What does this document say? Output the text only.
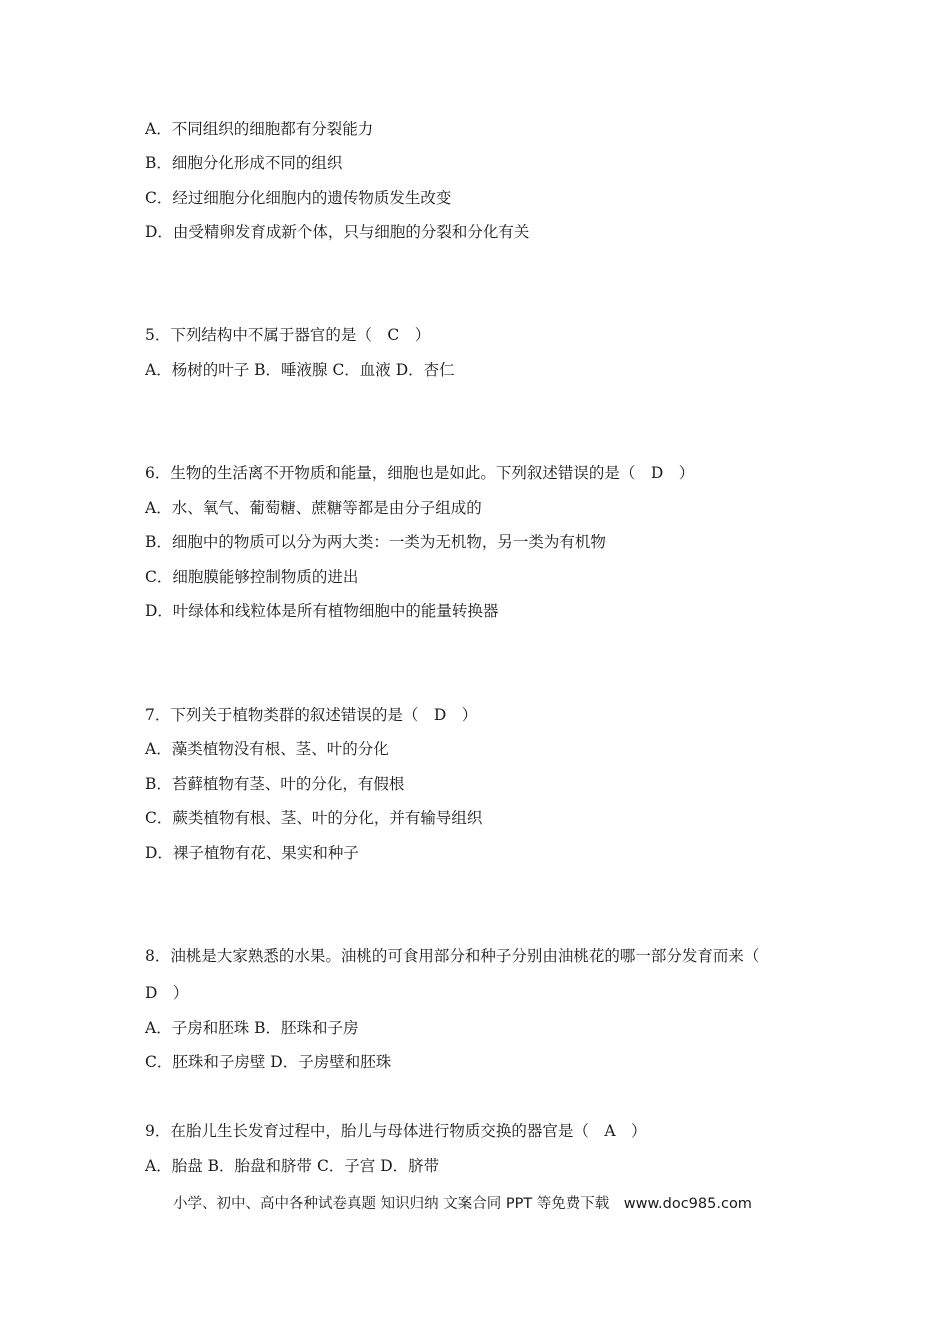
A．不同组织的细胞都有分裂能力
B．细胞分化形成不同的组织
C．经过细胞分化细胞内的遗传物质发生改变
D．由受精卵发育成新个体，只与细胞的分裂和分化有关
5．下列结构中不属于器官的是（　C　）
A．杨树的叶子 B．唾液腺 C．血液 D．杏仁
6．生物的生活离不开物质和能量，细胞也是如此。下列叙述错误的是（　D　）
A．水、氧气、葡萄糖、蔗糖等都是由分子组成的
B．细胞中的物质可以分为两大类：一类为无机物，另一类为有机物
C．细胞膜能够控制物质的进出
D．叶绿体和线粒体是所有植物细胞中的能量转换器
7．下列关于植物类群的叙述错误的是（　D　）
A．藻类植物没有根、茎、叶的分化
B．苔藓植物有茎、叶的分化，有假根
C．蕨类植物有根、茎、叶的分化，并有输导组织
D．裸子植物有花、果实和种子
8．油桃是大家熟悉的水果。油桃的可食用部分和种子分别由油桃花的哪一部分发育而来（
D　）
A．子房和胚珠 B．胚珠和子房
C．胚珠和子房壁 D．子房壁和胚珠
9．在胎儿生长发育过程中，胎儿与母体进行物质交换的器官是（　A　）
A．胎盘 B．胎盘和脐带 C．子宫 D．脐带
小学、初中、高中各种试卷真题 知识归纳 文案合同 PPT 等免费下载　www.doc985.com
